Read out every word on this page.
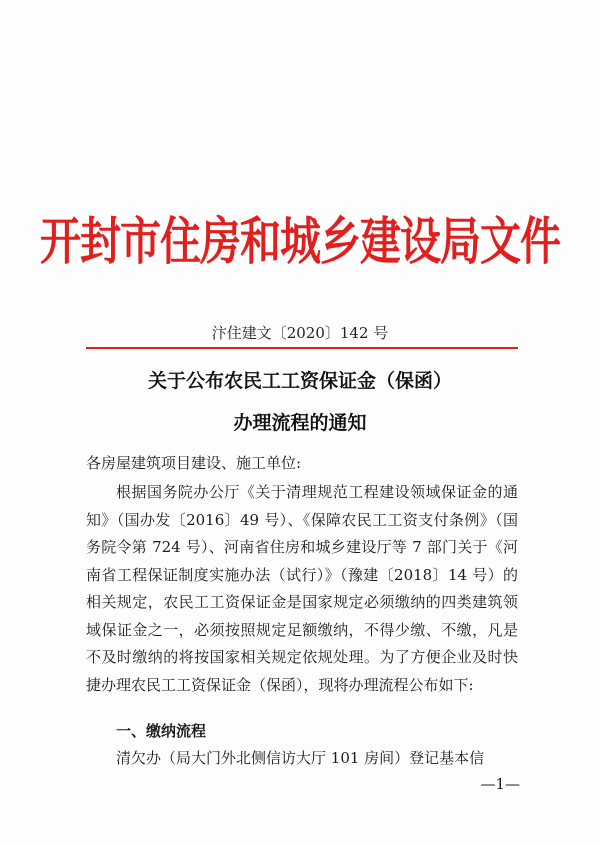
开封市住房和城乡建设局文件
汴住建文〔2020〕142 号
关于公布农民工工资保证金（保函）
办理流程的通知
各房屋建筑项目建设、施工单位:
根据国务院办公厅《关于清理规范工程建设领域保证金的通知》（国办发〔2016〕49 号）、《保障农民工工资支付条例》（国务院令第 724 号）、河南省住房和城乡建设厅等 7 部门关于《河南省工程保证制度实施办法（试行）》（豫建〔2018〕14 号）的相关规定，农民工工资保证金是国家规定必须缴纳的四类建筑领域保证金之一，必须按照规定足额缴纳，不得少缴、不缴，凡是不及时缴纳的将按国家相关规定依规处理。为了方便企业及时快捷办理农民工工资保证金（保函），现将办理流程公布如下:
一、缴纳流程
清欠办（局大门外北侧信访大厅 101 房间）登记基本信
—1—
